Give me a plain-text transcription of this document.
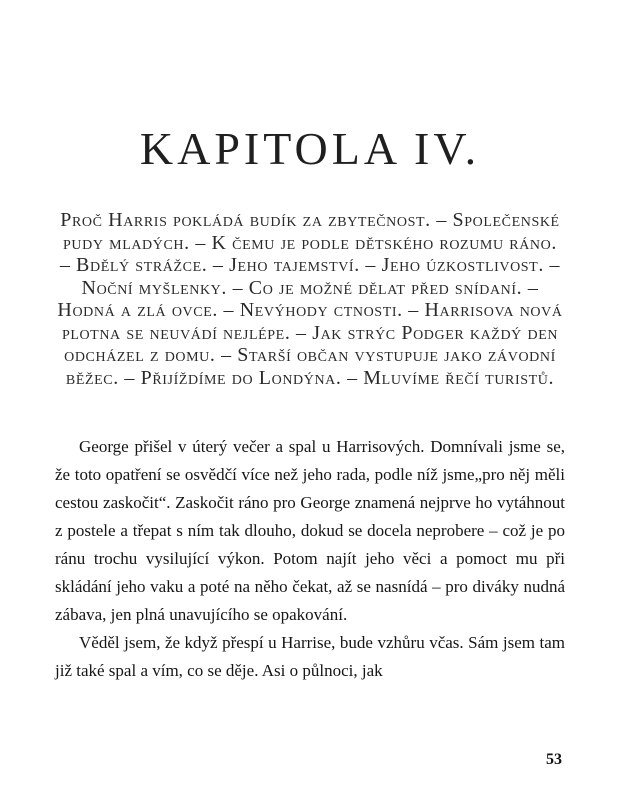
KAPITOLA IV.
Proč Harris pokládá budík za zbytečnost. – Společenské pudy mladých. – K čemu je podle dětského rozumu ráno. – Bdělý strážce. – Jeho tajemství. – Jeho úzkostlivost. – Noční myšlenky. – Co je možné dělat před snídaní. – Hodná a zlá ovce. – Nevýhody ctnosti. – Harrisova nová plotna se neuvádí nejlépe. – Jak strýc Podger každý den odcházel z domu. – Starší občan vystupuje jako závodní běžec. – Přijíždíme do Londýna. – Mluvíme řečí turistů.

George přišel v úterý večer a spal u Harrisových. Domnívali jsme se, že toto opatření se osvědčí více než jeho rada, podle níž jsme„pro něj měli cestou zaskočit“. Zaskočit ráno pro George znamená nejprve ho vytáhnout z postele a třepat s ním tak dlouho, dokud se docela neprobere – což je po ránu trochu vysilující výkon. Potom najít jeho věci a pomoct mu při skládání jeho vaku a poté na něho čekat, až se nasnídá – pro diváky nudná zábava, jen plná unavujícího se opakování.

Věděl jsem, že když přespí u Harrise, bude vzhůru včas. Sám jsem tam již také spal a vím, co se děje. Asi o půlnoci, jak

53
